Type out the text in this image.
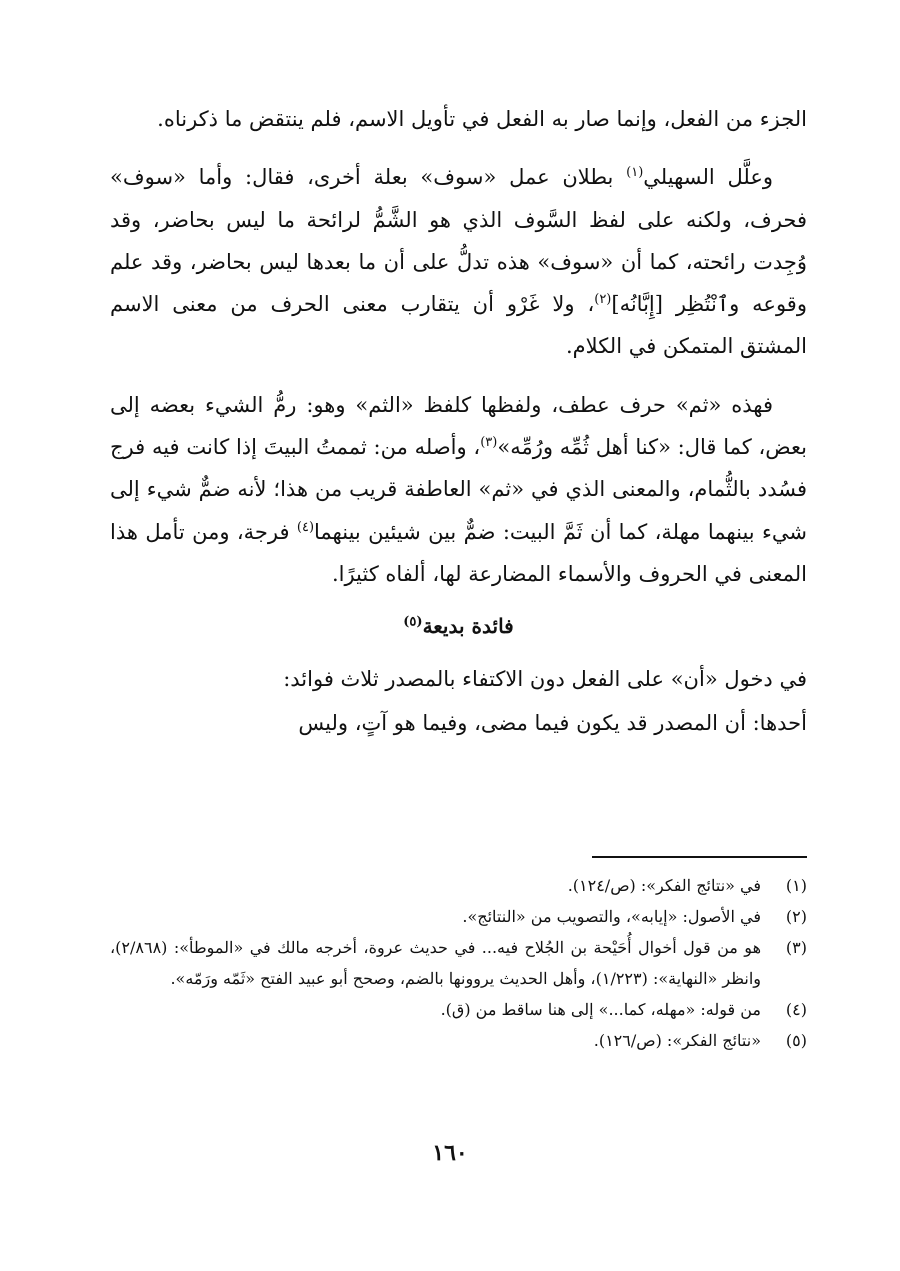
الجزء من الفعل، وإنما صار به الفعل في تأويل الاسم، فلم ينتقض ما ذكرناه.

وعلَّل السهيلي$^{(١)}$ بطلان عمل «سوف» بعلة أخرى، فقال: وأما «سوف» فحرف، ولكنه على لفظ السَّوف الذي هو الشَّمُّ لرائحة ما ليس بحاضر، وقد وُجِدت رائحته، كما أن «سوف» هذه تدلُّ على أن ما بعدها ليس بحاضر، وقد علم وقوعه وٱنْتُظِر [إِبَّانُه]$^{(٢)}$، ولا غَرْو أن يتقارب معنى الحرف من معنى الاسم المشتق المتمكن في الكلام.

فهذه «ثم» حرف عطف، ولفظها كلفظ «الثم» وهو: رمُّ الشيء بعضه إلى بعض، كما قال: «كنا أهل ثُمِّه ورُمِّه»$^{(٣)}$، وأصله من: ثممتُ البيتَ إذا كانت فيه فرج فسُدد بالثُّمام، والمعنى الذي في «ثم» العاطفة قريب من هذا؛ لأنه ضمٌّ شيء إلى شيء بينهما مهلة، كما أن ثَمَّ البيت: ضمٌّ بين شيئين بينهما$^{(٤)}$ فرجة، ومن تأمل هذا المعنى في الحروف والأسماء المضارعة لها، ألفاه كثيرًا.

فائدة بديعة$^{(٥)}$

في دخول «أن» على الفعل دون الاكتفاء بالمصدر ثلاث فوائد:

أحدها: أن المصدر قد يكون فيما مضى، وفيما هو آتٍ، وليس

(١)
في «نتائج الفكر»: (ص/١٢٤).
(٢)
في الأصول: «إيابه»، والتصويب من «النتائج».
(٣)
هو من قول أخوال أُحَيْحة بن الجُلاح فيه... في حديث عروة، أخرجه مالك في «الموطأ»: (٢/٨٦٨)، وانظر «النهاية»: (١/٢٢٣)، وأهل الحديث يروونها بالضم، وصحح أبو عبيد الفتح «ثَمّه ورَمّه».
(٤)
من قوله: «مهله، كما...» إلى هنا ساقط من (ق).
(٥)
«نتائج الفكر»: (ص/١٢٦).
١٦٠
